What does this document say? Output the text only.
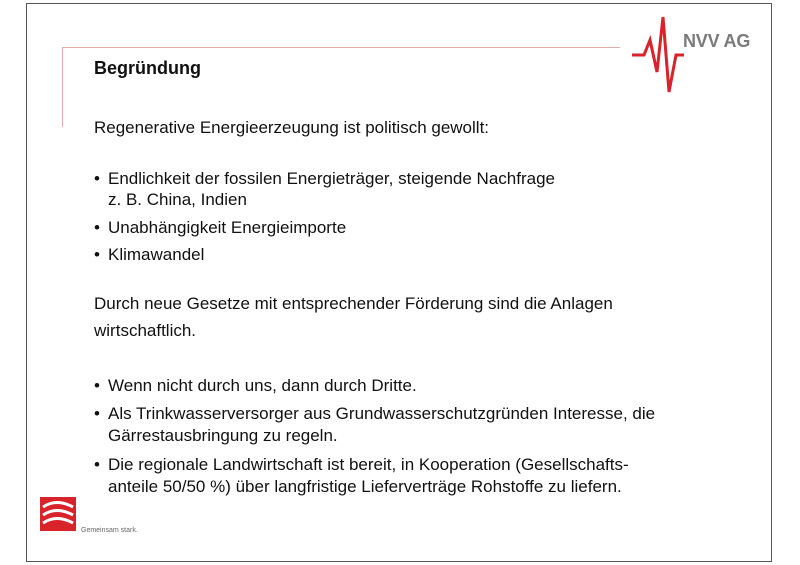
NVV AG
Begründung
Regenerative Energieerzeugung ist politisch gewollt:
• Endlichkeit der fossilen Energieträger, steigende Nachfrage
z. B. China, Indien
• Unabhängigkeit Energieimporte
• Klimawandel
Durch neue Gesetze mit entsprechender Förderung sind die Anlagen
wirtschaftlich.
• Wenn nicht durch uns, dann durch Dritte.
• Als Trinkwasserversorger aus Grundwasserschutzgründen Interesse, die
Gärrestausbringung zu regeln.
• Die regionale Landwirtschaft ist bereit, in Kooperation (Gesellschafts-
anteile 50/50 %) über langfristige Lieferverträge Rohstoffe zu liefern.
Gemeinsam stark.
